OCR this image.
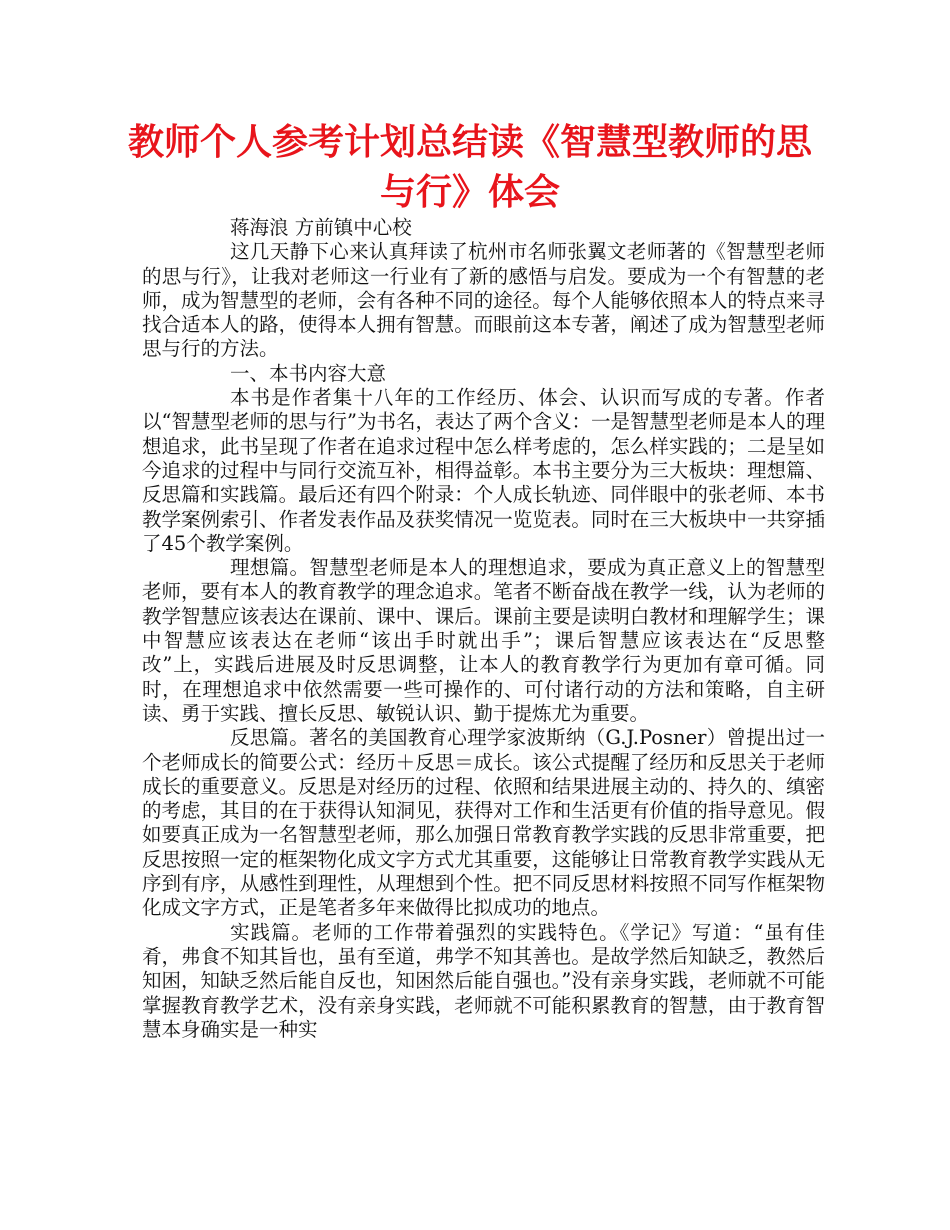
教师个人参考计划总结读《智慧型教师的思与行》体会

蒋海浪 方前镇中心校

这几天静下心来认真拜读了杭州市名师张翼文老师著的《智慧型老师的思与行》，让我对老师这一行业有了新的感悟与启发。要成为一个有智慧的老师，成为智慧型的老师，会有各种不同的途径。每个人能够依照本人的特点来寻找合适本人的路，使得本人拥有智慧。而眼前这本专著，阐述了成为智慧型老师思与行的方法。

一、本书内容大意

本书是作者集十八年的工作经历、体会、认识而写成的专著。作者以“智慧型老师的思与行”为书名，表达了两个含义：一是智慧型老师是本人的理想追求，此书呈现了作者在追求过程中怎么样考虑的，怎么样实践的；二是呈如今追求的过程中与同行交流互补，相得益彰。本书主要分为三大板块：理想篇、反思篇和实践篇。最后还有四个附录：个人成长轨迹、同伴眼中的张老师、本书教学案例索引、作者发表作品及获奖情况一览览表。同时在三大板块中一共穿插了45个教学案例。

理想篇。智慧型老师是本人的理想追求，要成为真正意义上的智慧型老师，要有本人的教育教学的理念追求。笔者不断奋战在教学一线，认为老师的教学智慧应该表达在课前、课中、课后。课前主要是读明白教材和理解学生；课中智慧应该表达在老师“该出手时就出手”；课后智慧应该表达在“反思整改”上，实践后进展及时反思调整，让本人的教育教学行为更加有章可循。同时，在理想追求中依然需要一些可操作的、可付诸行动的方法和策略，自主研读、勇于实践、擅长反思、敏锐认识、勤于提炼尤为重要。

反思篇。著名的美国教育心理学家波斯纳（G.J.Posner）曾提出过一个老师成长的简要公式：经历＋反思＝成长。该公式提醒了经历和反思关于老师成长的重要意义。反思是对经历的过程、依照和结果进展主动的、持久的、缜密的考虑，其目的在于获得认知洞见，获得对工作和生活更有价值的指导意见。假如要真正成为一名智慧型老师，那么加强日常教育教学实践的反思非常重要，把反思按照一定的框架物化成文字方式尤其重要，这能够让日常教育教学实践从无序到有序，从感性到理性，从理想到个性。把不同反思材料按照不同写作框架物化成文字方式，正是笔者多年来做得比拟成功的地点。

实践篇。老师的工作带着强烈的实践特色。《学记》写道：“虽有佳肴，弗食不知其旨也，虽有至道，弗学不知其善也。是故学然后知缺乏，教然后知困，知缺乏然后能自反也，知困然后能自强也。”没有亲身实践，老师就不可能掌握教育教学艺术，没有亲身实践，老师就不可能积累教育的智慧，由于教育智慧本身确实是一种实
